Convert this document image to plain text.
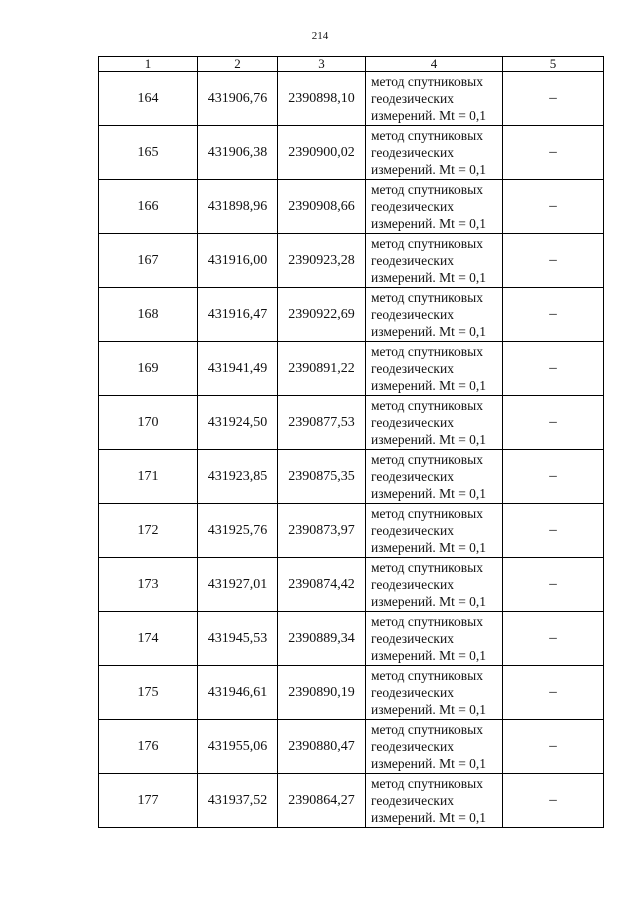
214
1	2	3	4	5
164	431906,76	2390898,10	метод спутниковых
геодезических
измерений. Mt = 0,1	–
165	431906,38	2390900,02	метод спутниковых
геодезических
измерений. Mt = 0,1	–
166	431898,96	2390908,66	метод спутниковых
геодезических
измерений. Mt = 0,1	–
167	431916,00	2390923,28	метод спутниковых
геодезических
измерений. Mt = 0,1	–
168	431916,47	2390922,69	метод спутниковых
геодезических
измерений. Mt = 0,1	–
169	431941,49	2390891,22	метод спутниковых
геодезических
измерений. Mt = 0,1	–
170	431924,50	2390877,53	метод спутниковых
геодезических
измерений. Mt = 0,1	–
171	431923,85	2390875,35	метод спутниковых
геодезических
измерений. Mt = 0,1	–
172	431925,76	2390873,97	метод спутниковых
геодезических
измерений. Mt = 0,1	–
173	431927,01	2390874,42	метод спутниковых
геодезических
измерений. Mt = 0,1	–
174	431945,53	2390889,34	метод спутниковых
геодезических
измерений. Mt = 0,1	–
175	431946,61	2390890,19	метод спутниковых
геодезических
измерений. Mt = 0,1	–
176	431955,06	2390880,47	метод спутниковых
геодезических
измерений. Mt = 0,1	–
177	431937,52	2390864,27	метод спутниковых
геодезических
измерений. Mt = 0,1	–
